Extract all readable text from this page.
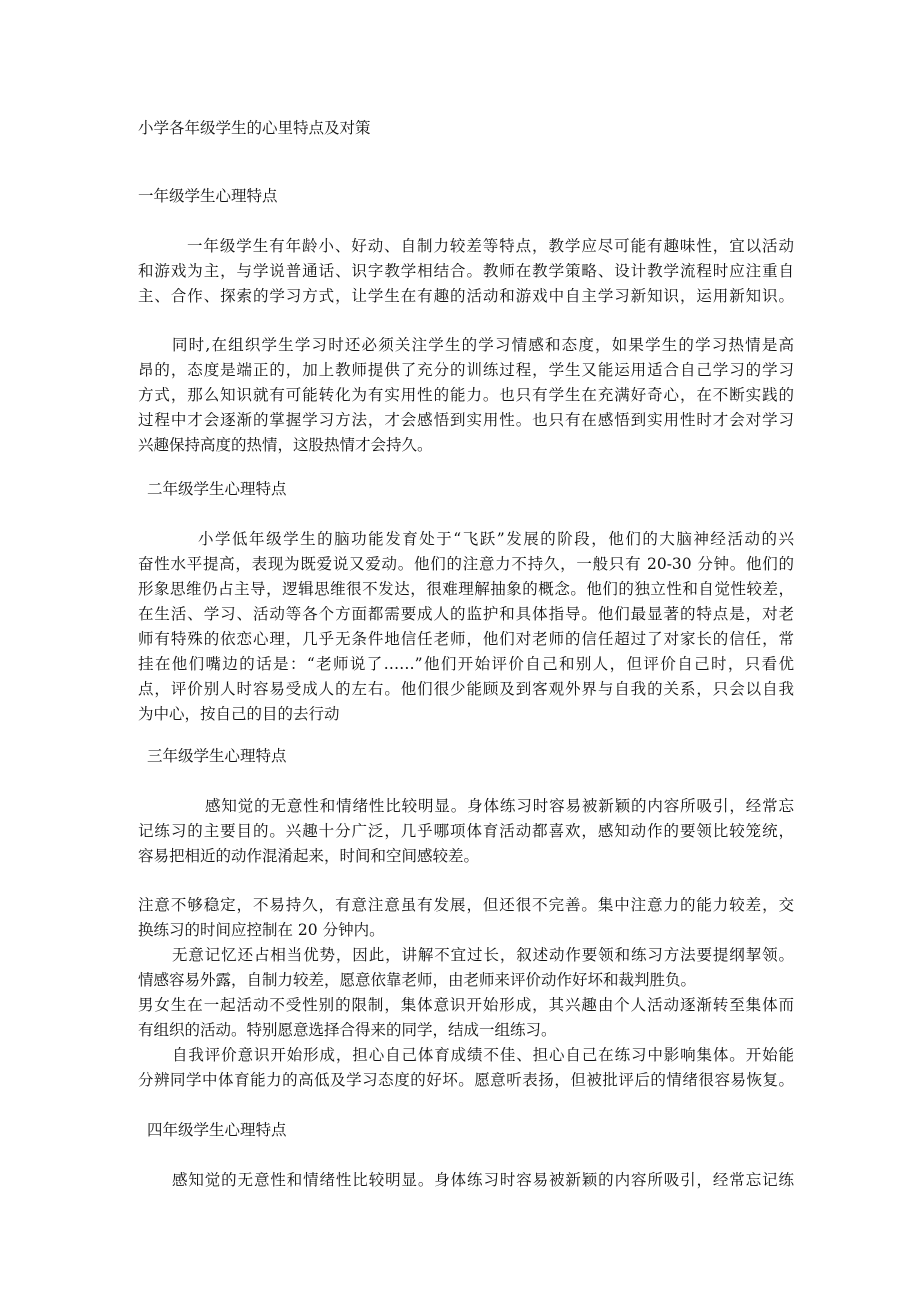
小学各年级学生的心里特点及对策
一年级学生心理特点
一年级学生有年龄小、好动、自制力较差等特点，教学应尽可能有趣味性，宜以活动
和游戏为主，与学说普通话、识字教学相结合。教师在教学策略、设计教学流程时应注重自
主、合作、探索的学习方式，让学生在有趣的活动和游戏中自主学习新知识，运用新知识。
同时,在组织学生学习时还必须关注学生的学习情感和态度，如果学生的学习热情是高
昂的，态度是端正的，加上教师提供了充分的训练过程，学生又能运用适合自己学习的学习
方式，那么知识就有可能转化为有实用性的能力。也只有学生在充满好奇心，在不断实践的
过程中才会逐渐的掌握学习方法，才会感悟到实用性。也只有在感悟到实用性时才会对学习
兴趣保持高度的热情，这股热情才会持久。
二年级学生心理特点
小学低年级学生的脑功能发育处于“飞跃”发展的阶段，他们的大脑神经活动的兴
奋性水平提高，表现为既爱说又爱动。他们的注意力不持久，一般只有 20-30 分钟。他们的
形象思维仍占主导，逻辑思维很不发达，很难理解抽象的概念。他们的独立性和自觉性较差，
在生活、学习、活动等各个方面都需要成人的监护和具体指导。他们最显著的特点是，对老
师有特殊的依恋心理，几乎无条件地信任老师，他们对老师的信任超过了对家长的信任，常
挂在他们嘴边的话是：“老师说了……”他们开始评价自己和别人，但评价自己时，只看优
点，评价别人时容易受成人的左右。他们很少能顾及到客观外界与自我的关系，只会以自我
为中心，按自己的目的去行动
三年级学生心理特点
感知觉的无意性和情绪性比较明显。身体练习时容易被新颖的内容所吸引，经常忘
记练习的主要目的。兴趣十分广泛，几乎哪项体育活动都喜欢，感知动作的要领比较笼统，
容易把相近的动作混淆起来，时间和空间感较差。
注意不够稳定，不易持久，有意注意虽有发展，但还很不完善。集中注意力的能力较差，交
换练习的时间应控制在 20 分钟内。
无意记忆还占相当优势，因此，讲解不宜过长，叙述动作要领和练习方法要提纲挈领。
情感容易外露，自制力较差，愿意依靠老师，由老师来评价动作好坏和裁判胜负。
男女生在一起活动不受性别的限制，集体意识开始形成，其兴趣由个人活动逐渐转至集体而
有组织的活动。特别愿意选择合得来的同学，结成一组练习。
自我评价意识开始形成，担心自己体育成绩不佳、担心自己在练习中影响集体。开始能
分辨同学中体育能力的高低及学习态度的好坏。愿意听表扬，但被批评后的情绪很容易恢复。
四年级学生心理特点
感知觉的无意性和情绪性比较明显。身体练习时容易被新颖的内容所吸引，经常忘记练
